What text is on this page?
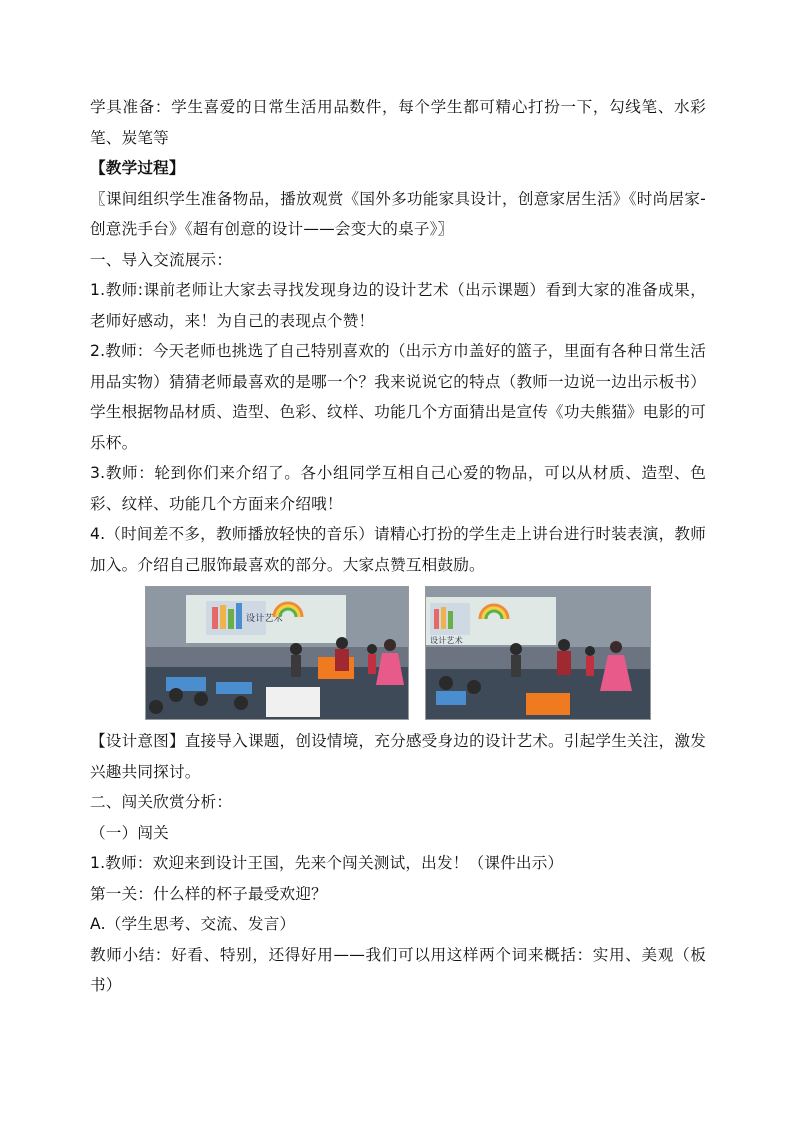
学具准备：学生喜爱的日常生活用品数件，每个学生都可精心打扮一下，勾线笔、水彩笔、炭笔等

【教学过程】

〖课间组织学生准备物品，播放观赏《国外多功能家具设计，创意家居生活》《时尚居家-创意洗手台》《超有创意的设计——会变大的桌子》〗

一、导入交流展示：

1.教师:课前老师让大家去寻找发现身边的设计艺术（出示课题）看到大家的准备成果，老师好感动，来！为自己的表现点个赞！

2.教师：今天老师也挑选了自己特别喜欢的（出示方巾盖好的篮子，里面有各种日常生活用品实物）猜猜老师最喜欢的是哪一个？我来说说它的特点（教师一边说一边出示板书）学生根据物品材质、造型、色彩、纹样、功能几个方面猜出是宣传《功夫熊猫》电影的可乐杯。

3.教师：轮到你们来介绍了。各小组同学互相自己心爱的物品，可以从材质、造型、色彩、纹样、功能几个方面来介绍哦！

4.（时间差不多，教师播放轻快的音乐）请精心打扮的学生走上讲台进行时装表演，教师加入。介绍自己服饰最喜欢的部分。大家点赞互相鼓励。

设计艺术
设计艺术

【设计意图】直接导入课题，创设情境，充分感受身边的设计艺术。引起学生关注，激发兴趣共同探讨。

二、闯关欣赏分析：

（一）闯关

1.教师：欢迎来到设计王国，先来个闯关测试，出发！（课件出示）

第一关：什么样的杯子最受欢迎？

A.（学生思考、交流、发言）

教师小结：好看、特别，还得好用——我们可以用这样两个词来概括：实用、美观（板书）
